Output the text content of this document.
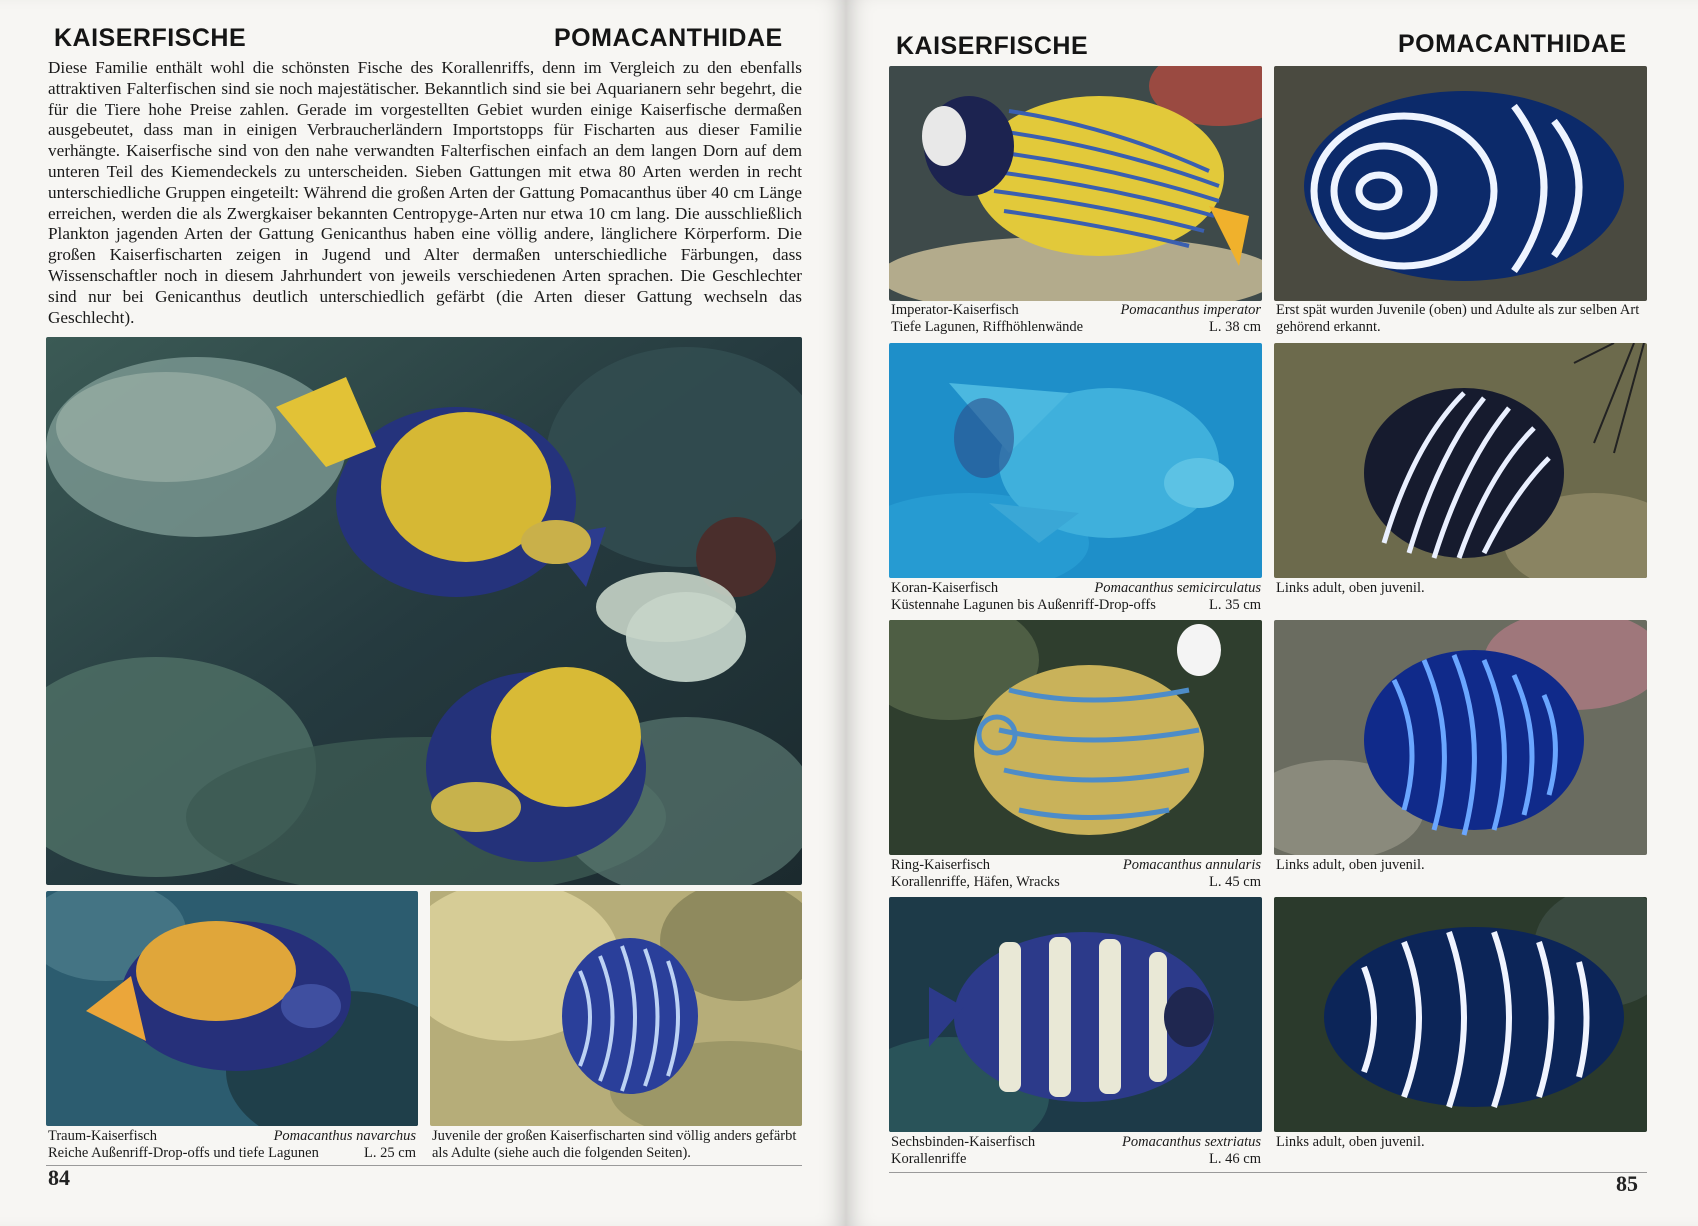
KAISERFISCHE	POMACANTHIDAE

Diese Familie enthält wohl die schönsten Fische des Korallenriffs, denn im Vergleich zu den ebenfalls attraktiven Falterfischen sind sie noch majestätischer. Bekanntlich sind sie bei Aquarianern sehr begehrt, die für die Tiere hohe Preise zahlen. Gerade im vorgestellten Gebiet wurden einige Kaiserfische dermaßen ausgebeutet, dass man in einigen Verbraucherländern Importstopps für Fischarten aus dieser Familie verhängte. Kaiserfische sind von den nahe verwandten Falterfischen einfach an dem langen Dorn auf dem unteren Teil des Kiemendeckels zu unterscheiden. Sieben Gattungen mit etwa 80 Arten werden in recht unterschiedliche Gruppen eingeteilt: Während die großen Arten der Gattung Pomacanthus über 40 cm Länge erreichen, werden die als Zwergkaiser bekannten Centropyge-Arten nur etwa 10 cm lang. Die ausschließlich Plankton jagenden Arten der Gattung Genicanthus haben eine völlig andere, länglichere Körperform. Die großen Kaiserfischarten zeigen in Jugend und Alter dermaßen unterschiedliche Färbungen, dass Wissenschaftler noch in diesem Jahrhundert von jeweils verschiedenen Arten sprachen. Die Geschlechter sind nur bei Genicanthus deutlich unterschiedlich gefärbt (die Arten dieser Gattung wechseln das Geschlecht).

Traum-Kaiserfisch	Pomacanthus navarchus
Reiche Außenriff-Drop-offs und tiefe Lagunen	L. 25 cm
Juvenile der großen Kaiserfischarten sind völlig anders gefärbt als Adulte (siehe auch die folgenden Seiten).
84
KAISERFISCHE	POMACANTHIDAE
Imperator-Kaiserfisch	Pomacanthus imperator
Tiefe Lagunen, Riffhöhlenwände	L. 38 cm
Erst spät wurden Juvenile (oben) und Adulte als zur selben Art gehörend erkannt.
Koran-Kaiserfisch	Pomacanthus semicirculatus
Küstennahe Lagunen bis Außenriff-Drop-offs	L. 35 cm
Links adult, oben juvenil.
Ring-Kaiserfisch	Pomacanthus annularis
Korallenriffe, Häfen, Wracks	L. 45 cm
Links adult, oben juvenil.
Sechsbinden-Kaiserfisch	Pomacanthus sextriatus
Korallenriffe	L. 46 cm
Links adult, oben juvenil.
85
